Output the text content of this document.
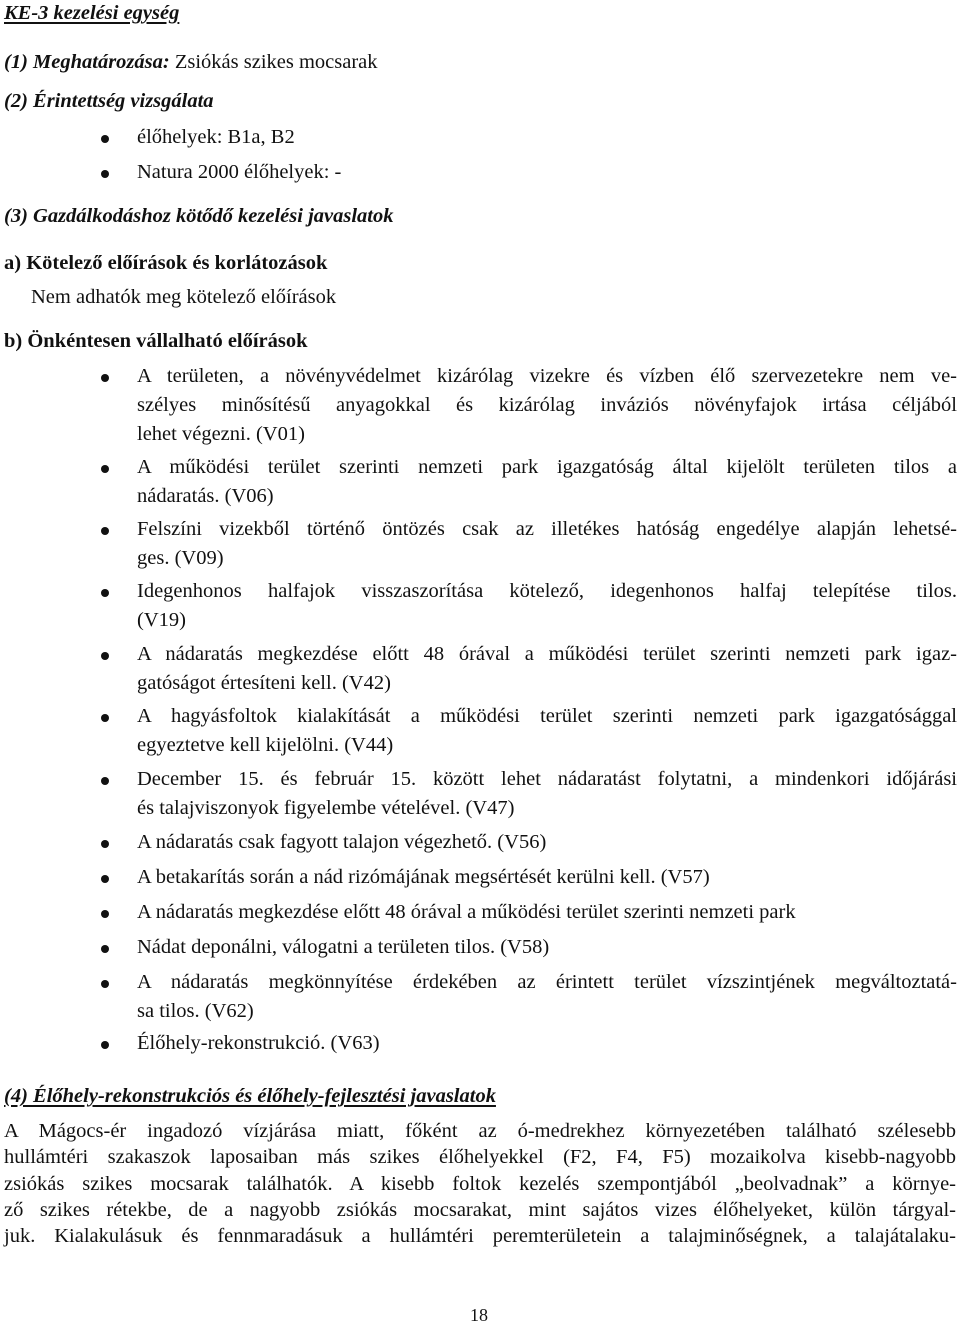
KE-3 kezelési egység
(1) Meghatározása: Zsiókás szikes mocsarak
(2) Érintettség vizsgálata
élőhelyek: B1a, B2
Natura 2000 élőhelyek: -
(3) Gazdálkodáshoz kötődő kezelési javaslatok
a) Kötelező előírások és korlátozások
Nem adhatók meg kötelező előírások
b) Önkéntesen vállalható előírások
A területen, a növényvédelmet kizárólag vizekre és vízben élő szervezetekre nem ve-
szélyes minősítésű anyagokkal és kizárólag inváziós növényfajok irtása céljából
lehet végezni. (V01)
A működési terület szerinti nemzeti park igazgatóság által kijelölt területen tilos a
nádaratás. (V06)
Felszíni vizekből történő öntözés csak az illetékes hatóság engedélye alapján lehetsé-
ges. (V09)
Idegenhonos halfajok visszaszorítása kötelező, idegenhonos halfaj telepítése tilos.
(V19)
A nádaratás megkezdése előtt 48 órával a működési terület szerinti nemzeti park igaz-
gatóságot értesíteni kell. (V42)
A hagyásfoltok kialakítását a működési terület szerinti nemzeti park igazgatósággal
egyeztetve kell kijelölni. (V44)
December 15. és február 15. között lehet nádaratást folytatni, a mindenkori időjárási
és talajviszonyok figyelembe vételével. (V47)
A nádaratás csak fagyott talajon végezhető. (V56)
A betakarítás során a nád rizómájának megsértését kerülni kell. (V57)
A nádaratás megkezdése előtt 48 órával a működési terület szerinti nemzeti park
Nádat deponálni, válogatni a területen tilos. (V58)
A nádaratás megkönnyítése érdekében az érintett terület vízszintjének megváltoztatá-
sa tilos. (V62)
Élőhely-rekonstrukció. (V63)
(4) Élőhely-rekonstrukciós és élőhely-fejlesztési javaslatok
A Mágocs-ér ingadozó vízjárása miatt, főként az ó-medrekhez környezetében található szélesebb
hullámtéri szakaszok laposaiban más szikes élőhelyekkel (F2, F4, F5) mozaikolva kisebb-nagyobb
zsiókás szikes mocsarak találhatók. A kisebb foltok kezelés szempontjából „beolvadnak” a környe-
ző szikes rétekbe, de a nagyobb zsiókás mocsarakat, mint sajátos vizes élőhelyeket, külön tárgyal-
juk. Kialakulásuk és fennmaradásuk a hullámtéri peremterületein a talajminőségnek, a talajátalaku-
18
